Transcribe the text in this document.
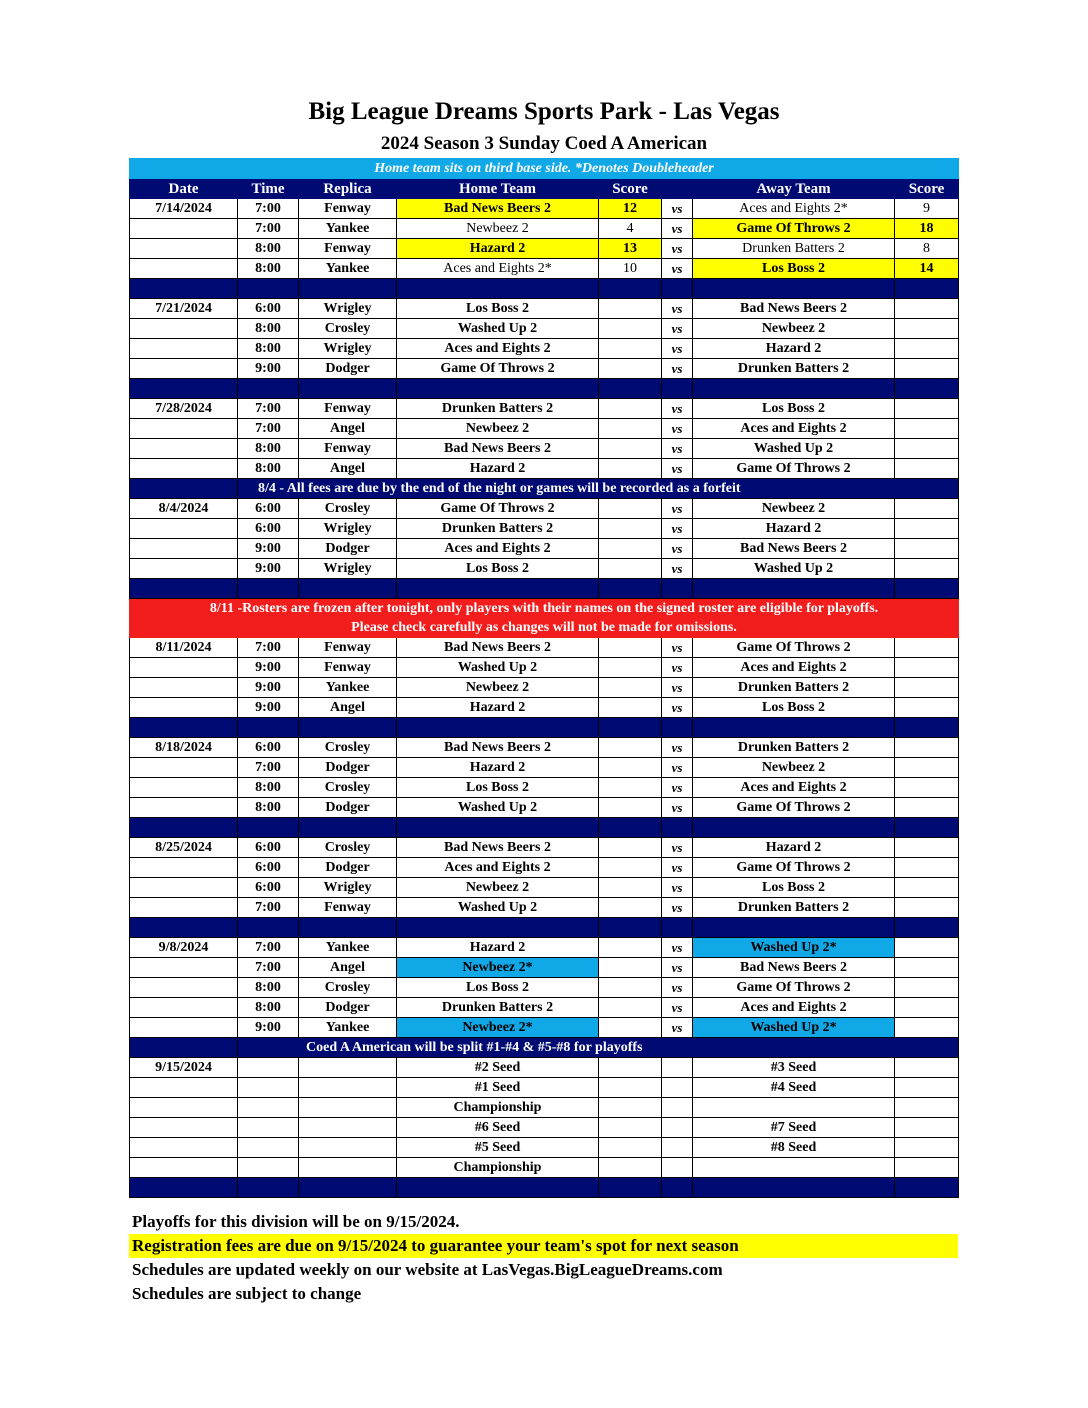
Big League Dreams Sports Park - Las Vegas
2024 Season 3 Sunday Coed A American
Home team sits on third base side. *Denotes Doubleheader							
Date	Time	Replica	Home Team	Score		Away Team	Score
7/14/2024	7:00	Fenway	Bad News Beers 2	12	vs	Aces and Eights 2*	9
	7:00	Yankee	Newbeez 2	4	vs	Game Of Throws 2	18
	8:00	Fenway	Hazard 2	13	vs	Drunken Batters 2	8
	8:00	Yankee	Aces and Eights 2*	10	vs	Los Boss 2	14

7/21/2024	6:00	Wrigley	Los Boss 2		vs	Bad News Beers 2	
	8:00	Crosley	Washed Up 2		vs	Newbeez 2	
	8:00	Wrigley	Aces and Eights 2		vs	Hazard 2	
	9:00	Dodger	Game Of Throws 2		vs	Drunken Batters 2	

7/28/2024	7:00	Fenway	Drunken Batters 2		vs	Los Boss 2	
	7:00	Angel	Newbeez 2		vs	Aces and Eights 2	
	8:00	Fenway	Bad News Beers 2		vs	Washed Up 2	
	8:00	Angel	Hazard 2		vs	Game Of Throws 2	
	8/4 - All fees are due by the end of the night or games will be recorded as a forfeit						
8/4/2024	6:00	Crosley	Game Of Throws 2		vs	Newbeez 2	
	6:00	Wrigley	Drunken Batters 2		vs	Hazard 2	
	9:00	Dodger	Aces and Eights 2		vs	Bad News Beers 2	
	9:00	Wrigley	Los Boss 2		vs	Washed Up 2	

8/11 -Rosters are frozen after tonight, only players with their names on the signed roster are eligible for playoffs.
Please check carefully as changes will not be made for omissions.							

8/11/2024	7:00	Fenway	Bad News Beers 2		vs	Game Of Throws 2	
	9:00	Fenway	Washed Up 2		vs	Aces and Eights 2	
	9:00	Yankee	Newbeez 2		vs	Drunken Batters 2	
	9:00	Angel	Hazard 2		vs	Los Boss 2	

8/18/2024	6:00	Crosley	Bad News Beers 2		vs	Drunken Batters 2	
	7:00	Dodger	Hazard 2		vs	Newbeez 2	
	8:00	Crosley	Los Boss 2		vs	Aces and Eights 2	
	8:00	Dodger	Washed Up 2		vs	Game Of Throws 2	

8/25/2024	6:00	Crosley	Bad News Beers 2		vs	Hazard 2	
	6:00	Dodger	Aces and Eights 2		vs	Game Of Throws 2	
	6:00	Wrigley	Newbeez 2		vs	Los Boss 2	
	7:00	Fenway	Washed Up 2		vs	Drunken Batters 2	

9/8/2024	7:00	Yankee	Hazard 2		vs	Washed Up 2*	
	7:00	Angel	Newbeez 2*		vs	Bad News Beers 2	
	8:00	Crosley	Los Boss 2		vs	Game Of Throws 2	
	8:00	Dodger	Drunken Batters 2		vs	Aces and Eights 2	
	9:00	Yankee	Newbeez 2*		vs	Washed Up 2*	
	Coed A American will be split #1-#4 & #5-#8 for playoffs						
9/15/2024			#2 Seed			#3 Seed	
			#1 Seed			#4 Seed	
			Championship				
			#6 Seed			#7 Seed	
			#5 Seed			#8 Seed	
			Championship				

Playoffs for this division will be on 9/15/2024.
Registration fees are due on 9/15/2024 to guarantee your team's spot for next season
Schedules are updated weekly on our website at LasVegas.BigLeagueDreams.com
Schedules are subject to change
